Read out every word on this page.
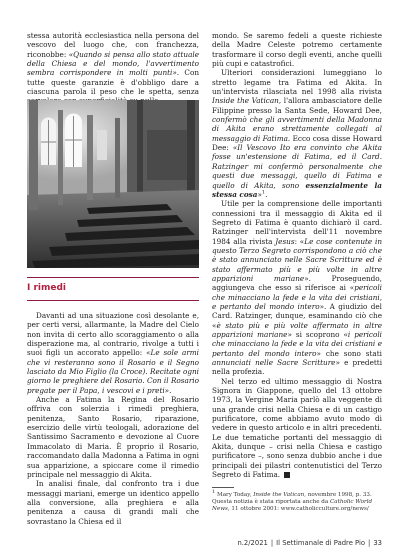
stessa autorità ecclesiastica nella persona del vescovo del luogo che, con franchezza, riconobbe: «Quando si pensa allo stato attuale della Chiesa e del mondo, l'avvertimento sembra corrispondere in molti punti». Con tutte queste garanzie è d'obbligo dare a ciascuna parola il peso che le spetta, senza

I rimedi

Davanti ad una situazione così desolante e, per certi versi, allarmante, la Madre del Cielo non invita di certo allo scoraggiamento o alla disperazione ma, al contrario, rivolge a tutti i suoi figli un accorato appello: «Le sole armi che vi resteranno sono il Rosario e il Segno lasciato da Mio Figlio (la Croce). Recitate ogni giorno le preghiere del Rosario. Con il Rosario pregate per il Papa, i vescovi e i preti».

Anche a Fatima la Regina del Rosario offriva con solerzia i rimedi preghiera, penitenza, Santo Rosario, riparazione, esercizio delle virtù teologali, adorazione del Santissimo Sacramento e devozione al Cuore Immacolato di Maria. È proprio il Rosario, raccomandato dalla Madonna a Fatima in ogni sua apparizione, a spiccare come il rimedio principale nel messaggio di Akita.

In analisi finale, dal confronto tra i due messaggi mariani, emerge un identico appello alla conversione, alla preghiera e alla penitenza a causa di grandi mali che sovrastano la Chiesa ed il

mondo. Se saremo fedeli a queste richieste della Madre Celeste potremo certamente trasformare il corso degli eventi, anche quelli più cupi e catastrofici.

Ulteriori considerazioni lumeggiano lo stretto legame tra Fatima ed Akita. In un'intervista rilasciata nel 1998 alla rivista Inside the Vatican, l'allora ambasciatore delle Filippine presso la Santa Sede, Howard Dee, confermò che gli avvertimenti della Madonna di Akita erano strettamente collegati al messaggio di Fatima. Ecco cosa disse Howard Dee: «Il Vescovo Ito era convinto che Akita fosse un'estensione di Fatima, ed il Card. Ratzinger mi confermò personalmente che questi due messaggi, quello di Fatima e quello di Akita, sono essenzialmente la stessa cosa»$^1$.

Utile per la comprensione delle importanti connessioni tra il messaggio di Akita ed il Segreto di Fatima è quanto dichiarò il card. Ratzinger nell'intervista dell'11 novembre 1984 alla rivista Jesus: «Le cose contenute in questo Terzo Segreto corrispondono a ciò che è stato annunciato nelle Sacre Scritture ed è stato affermato più e più volte in altre apparizioni mariane». Proseguendo, aggiungeva che esso si riferisce ai «pericoli che minacciano la fede e la vita dei cristiani, e pertanto del mondo intero». A giudizio del Card. Ratzinger, dunque, esaminando ciò che «è stato più e più volte affermato in altre apparizioni mariane» si scoprono «i pericoli che minacciano la fede e la vita dei cristiani e pertanto del mondo intero» che sono stati annunciati nelle Sacre Scritture» e predetti nella profezia.

Nel terzo ed ultimo messaggio di Nostra Signora in Giappone, quello del 13 ottobre 1973, la Vergine Maria parlò alla veggente di una grande crisi nella Chiesa e di un castigo purificatore, come abbiamo avuto modo di vedere in questo articolo e in altri precedenti. Le due tematiche portanti del messaggio di Akita, dunque – crisi nella Chiesa e castigo purificatore –, sono senza dubbio anche i due principali dei pilastri contenutistici del Terzo Segreto di Fatima.

$^1$ Mary Today, Inside the Vatican, novembre 1998, p. 33. Questa notizia è stata riportata anche da Catholic World News, 11 ottobre 2001: www.catholicculture.org/news/
n.2/2021 | Il Settimanale di Padre Pio | 33
